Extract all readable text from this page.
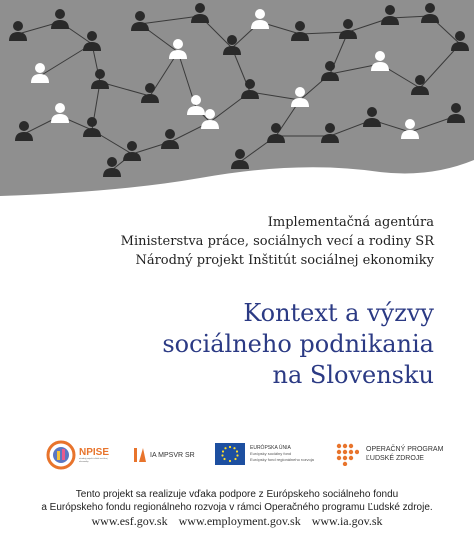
Implementačná agentúra
Ministerstva práce, sociálnych vecí a rodiny SR
Národný projekt Inštitút sociálnej ekonomiky
Kontext a výzvy
sociálneho podnikania
na Slovensku
NPISE
národný projekt inštitút sociálnej ekonomiky
IA MPSVR SR
EURÓPSKA ÚNIA
Európsky sociálny fond
Európsky fond regionálneho rozvoja
OPERAČNÝ PROGRAM
ĽUDSKÉ ZDROJE
Tento projekt sa realizuje vďaka podpore z Európskeho sociálneho fondu
a Európskeho fondu regionálneho rozvoja v rámci Operačného programu Ľudské zdroje.
www.esf.gov.sk www.employment.gov.sk www.ia.gov.sk
